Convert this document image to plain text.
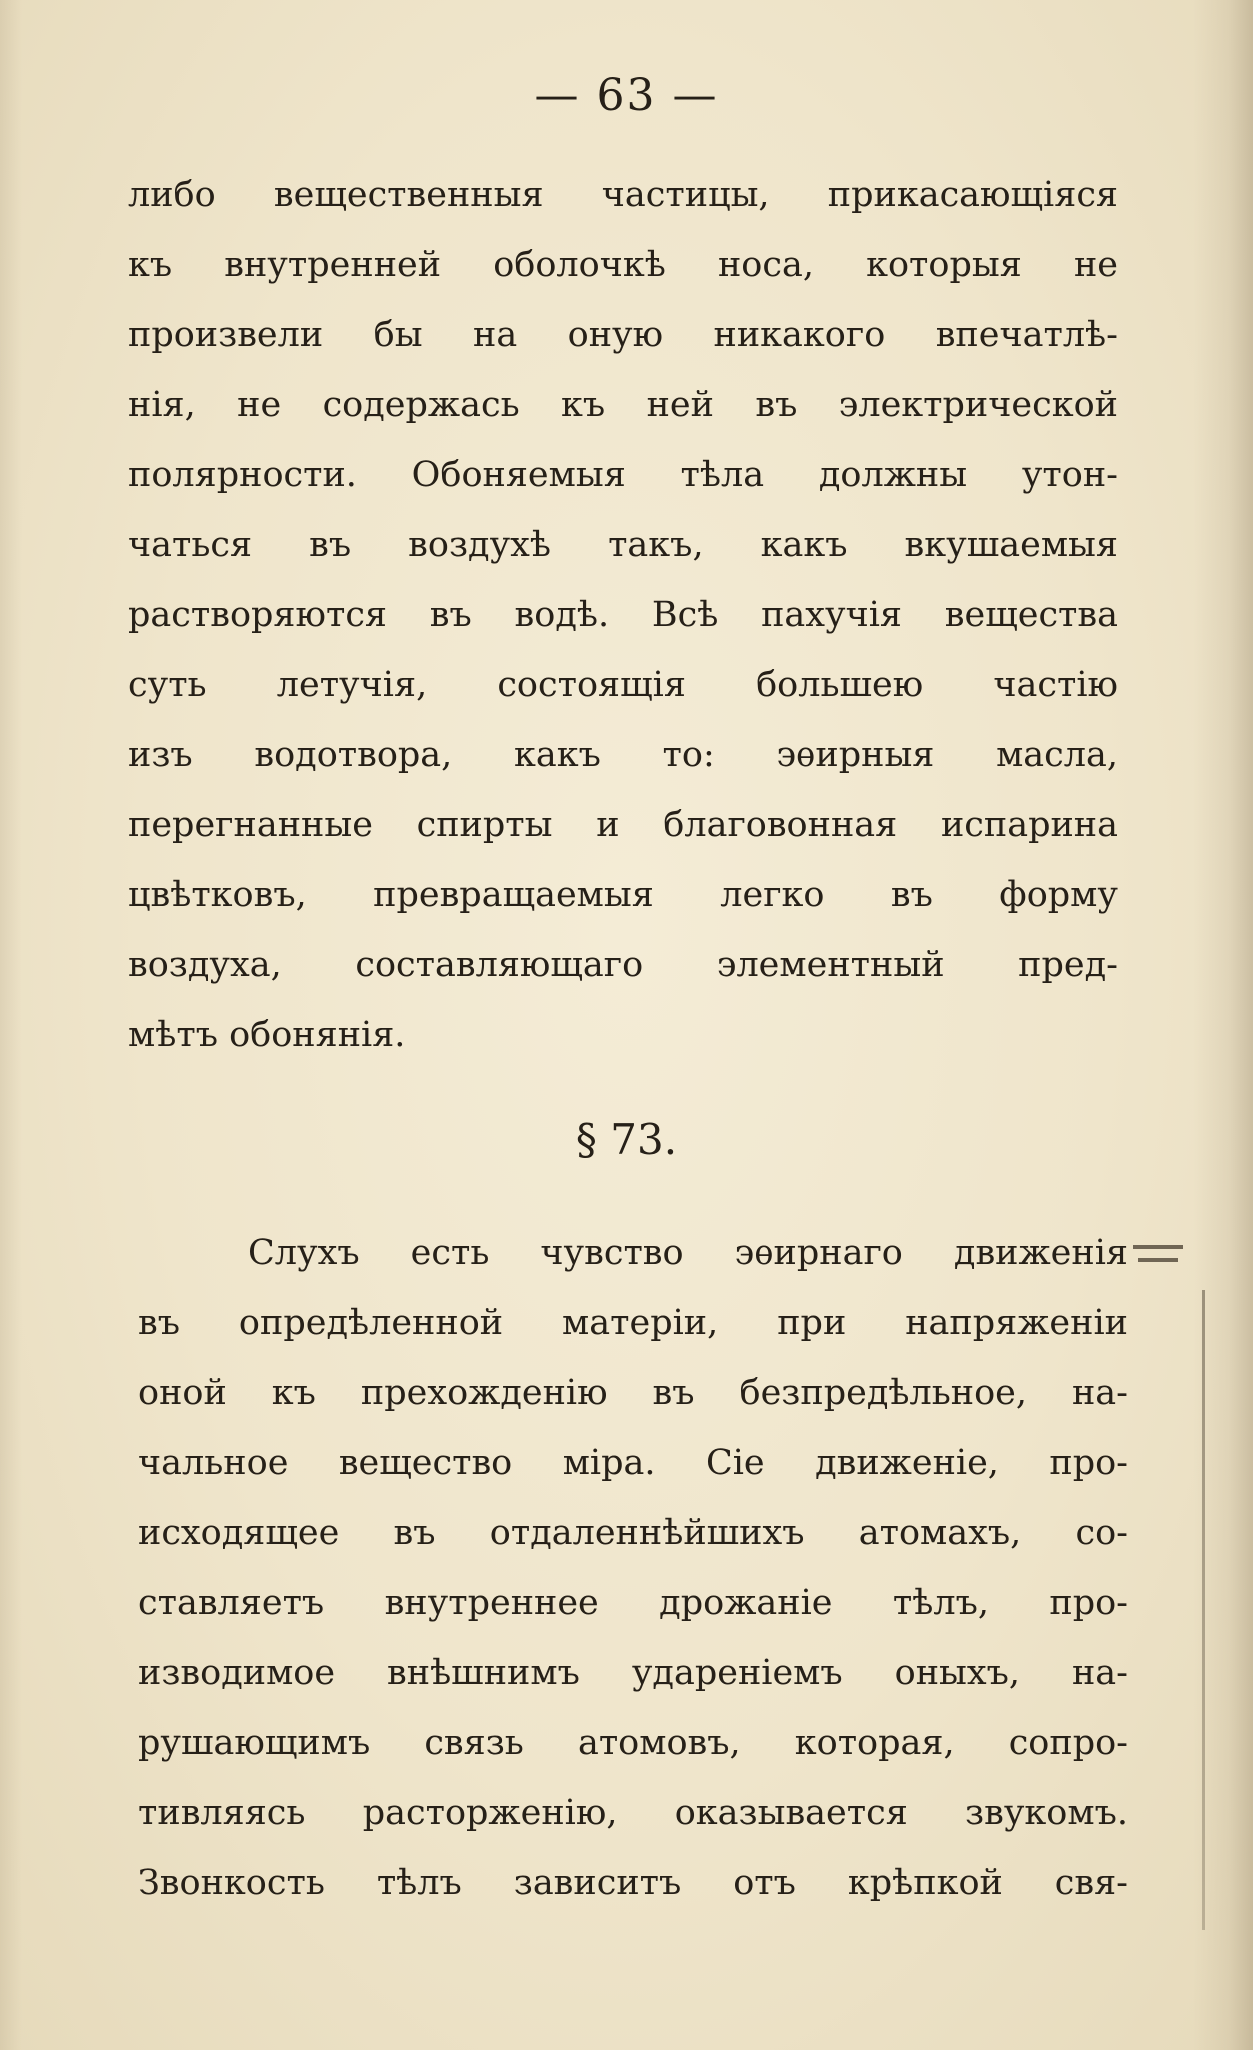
— 63 —
либо вещественныя частицы, прикасающіяся
къ внутренней оболочкѣ носа, которыя не
произвели бы на оную никакого впечатлѣ-
нія, не содержась къ ней въ электрической
полярности. Обоняемыя тѣла должны утон-
чаться въ воздухѣ такъ, какъ вкушаемыя
растворяются въ водѣ. Всѣ пахучія вещества
суть летучія, состоящія большею частію
изъ водотвора, какъ то: эѳирныя масла,
перегнанные спирты и благовонная испарина
цвѣтковъ, превращаемыя легко въ форму
воздуха, составляющаго элементный пред-
мѣтъ обонянія.
§ 73.
Слухъ есть чувство эѳирнаго движенія
въ опредѣленной матеріи, при напряженіи
оной къ прехожденію въ безпредѣльное, на-
чальное вещество міра. Сіе движеніе, про-
исходящее въ отдаленнѣйшихъ атомахъ, со-
ставляетъ внутреннее дрожаніе тѣлъ, про-
изводимое внѣшнимъ удареніемъ оныхъ, на-
рушающимъ связь атомовъ, которая, сопро-
тивляясь расторженію, оказывается звукомъ.
Звонкость тѣлъ зависитъ отъ крѣпкой свя-
